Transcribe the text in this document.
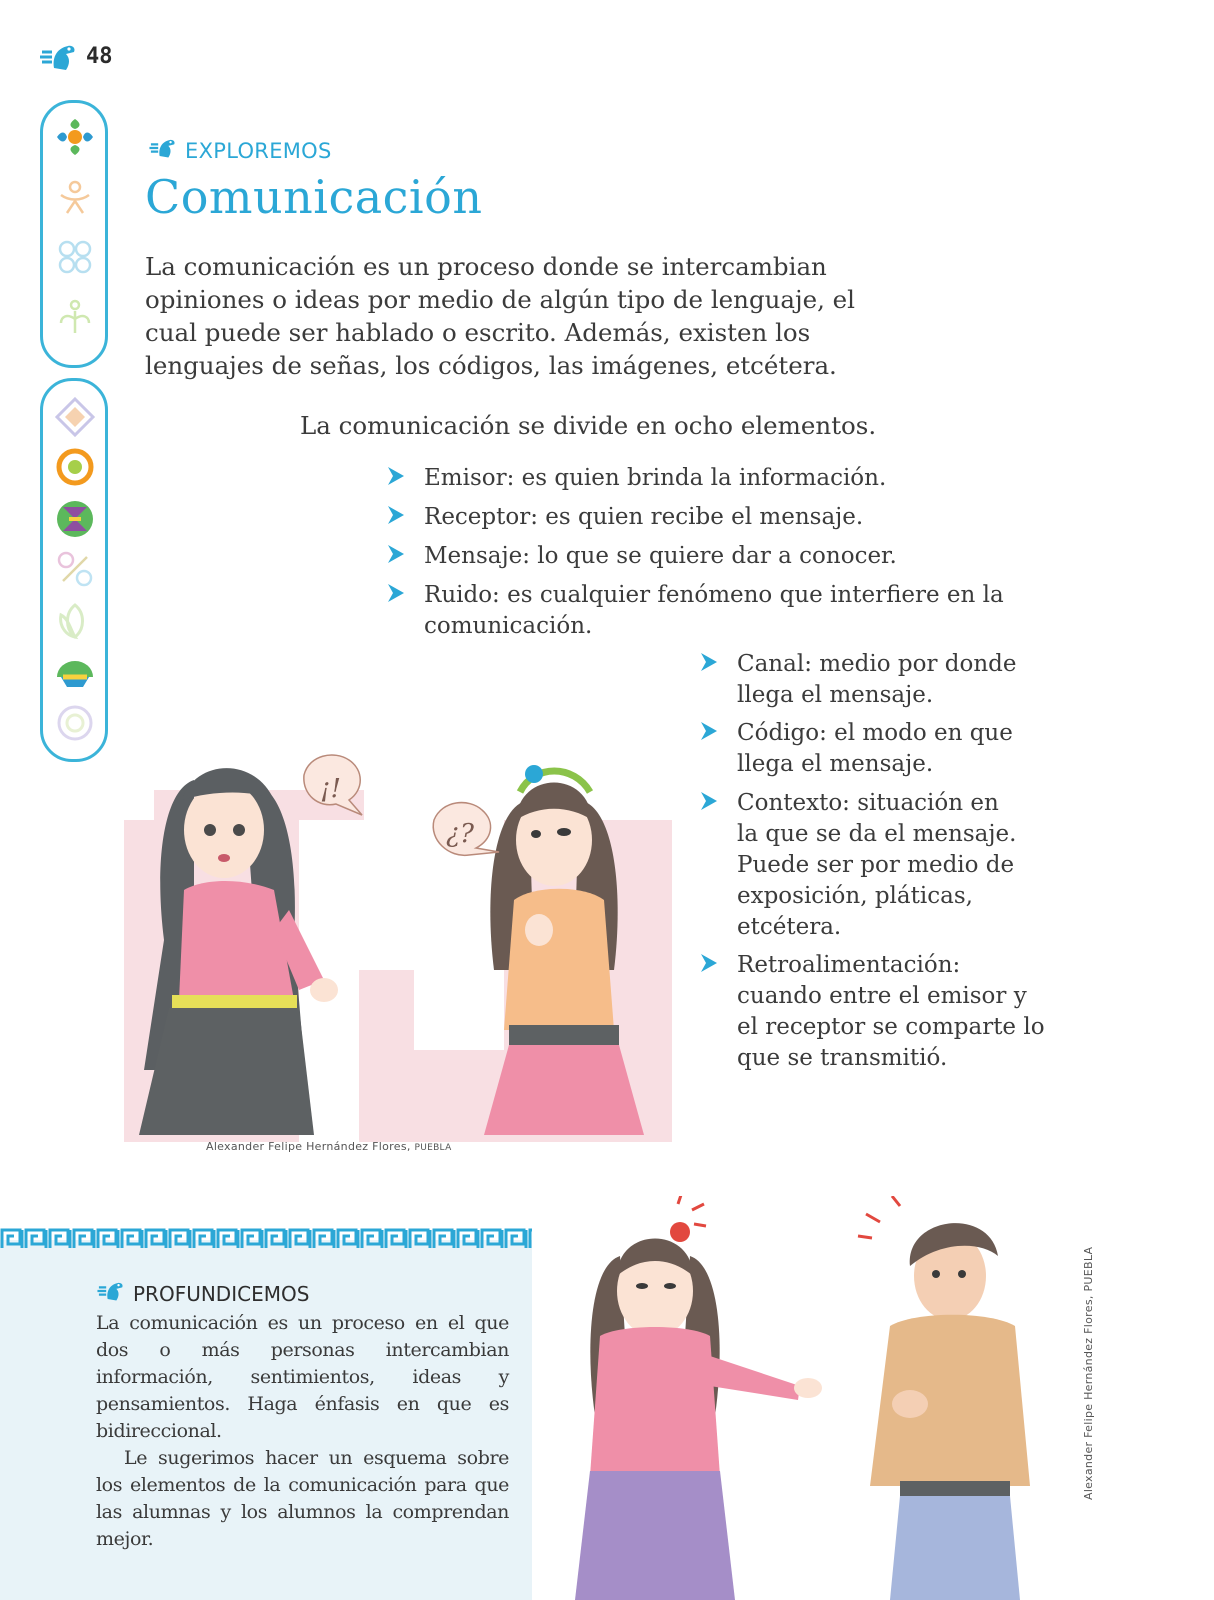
48
EXPLOREMOS
Comunicación
La comunicación es un proceso donde se intercambian opiniones o ideas por medio de algún tipo de lenguaje, el cual puede ser hablado o escrito. Además, existen los lenguajes de señas, los códigos, las imágenes, etcétera.
La comunicación se divide en ocho elementos.
Emisor: es quien brinda la información.
Receptor: es quien recibe el mensaje.
Mensaje: lo que se quiere dar a conocer.
Ruido: es cualquier fenómeno que interfiere en la comunicación.
Canal: medio por donde llega el mensaje.
Código: el modo en que llega el mensaje.
Contexto: situación en la que se da el mensaje. Puede ser por medio de exposición, pláticas, etcétera.
Retroalimentación: cuando entre el emisor y el receptor se comparte lo que se transmitió.
¡!
¿?
Alexander Felipe Hernández Flores, PUEBLA
PROFUNDICEMOS

La comunicación es un proceso en el que dos o más personas intercambian información, sentimientos, ideas y pensamientos. Haga énfasis en que es bidireccional.

Le sugerimos hacer un esquema sobre los elementos de la comunicación para que las alumnas y los alumnos la comprendan mejor.

Alexander Felipe Hernández Flores, PUEBLA
